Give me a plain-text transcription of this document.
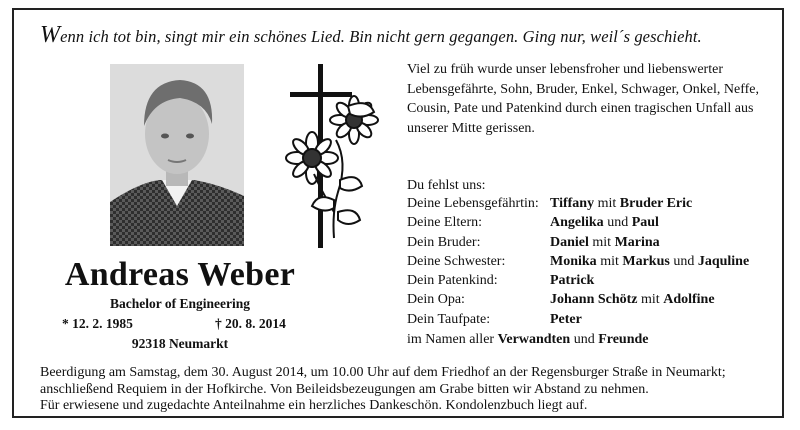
Wenn ich tot bin, singt mir ein schönes Lied. Bin nicht gern gegangen. Ging nur, weil´s geschieht.
Andreas Weber
Bachelor of Engineering
* 12. 2. 1985	† 20. 8. 2014
92318 Neumarkt

Viel zu früh wurde unser lebensfroher und liebenswerter Lebensgefährte, Sohn, Bruder, Enkel, Schwager, Onkel, Neffe, Cousin, Pate und Patenkind durch einen tragischen Unfall aus unserer Mitte gerissen.

Du fehlst uns:
Deine Lebensgefährtin:	Tiffany mit Bruder Eric
Deine Eltern:	Angelika und Paul
Dein Bruder:	Daniel mit Marina
Deine Schwester:	Monika mit Markus und Jaquline
Dein Patenkind:	Patrick
Dein Opa:	Johann Schötz mit Adolfine
Dein Taufpate:	Peter
im Namen aller Verwandten und Freunde
Beerdigung am Samstag, dem 30. August 2014, um 10.00 Uhr auf dem Friedhof an der Regensburger Straße in Neumarkt;
anschließend Requiem in der Hofkirche. Von Beileidsbezeugungen am Grabe bitten wir Abstand zu nehmen.
Für erwiesene und zugedachte Anteilnahme ein herzliches Dankeschön. Kondolenzbuch liegt auf.
